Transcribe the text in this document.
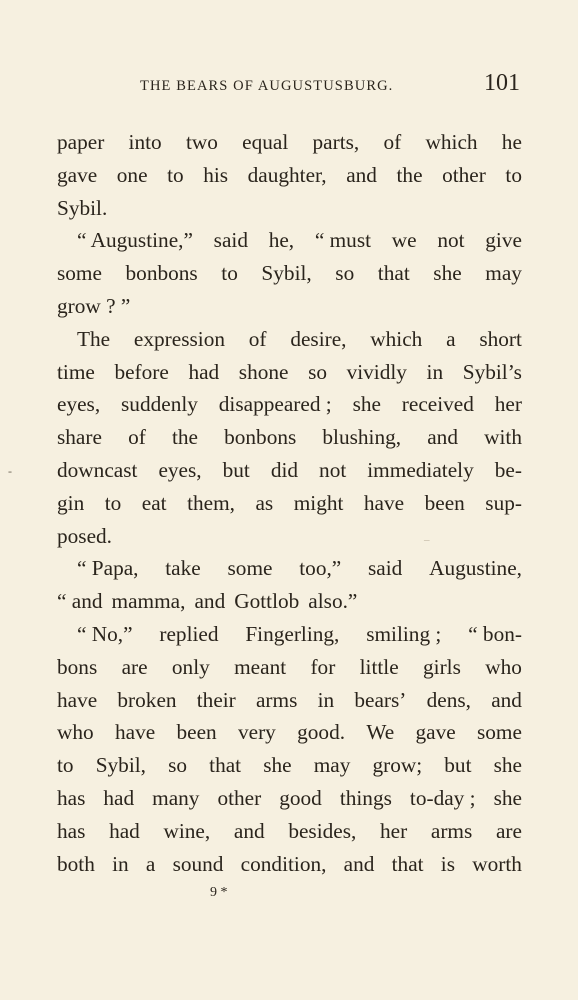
THE BEARS OF AUGUSTUSBURG.	101
-
_
paper into two equal parts, of which he
gave one to his daughter, and the other to
Sybil.
“ Augustine,” said he, “ must we not give
some bonbons to Sybil, so that she may
grow ? ”
The expression of desire, which a short
time before had shone so vividly in Sybil’s
eyes, suddenly disappeared ; she received her
share of the bonbons blushing, and with
downcast eyes, but did not immediately be-
gin to eat them, as might have been sup-
posed.
“ Papa, take some too,” said Augustine,
“ and mamma, and Gottlob also.”
“ No,” replied Fingerling, smiling ; “ bon-
bons are only meant for little girls who
have broken their arms in bears’ dens, and
who have been very good. We gave some
to Sybil, so that she may grow; but she
has had many other good things to-day ; she
has had wine, and besides, her arms are
both in a sound condition, and that is worth
9 *
